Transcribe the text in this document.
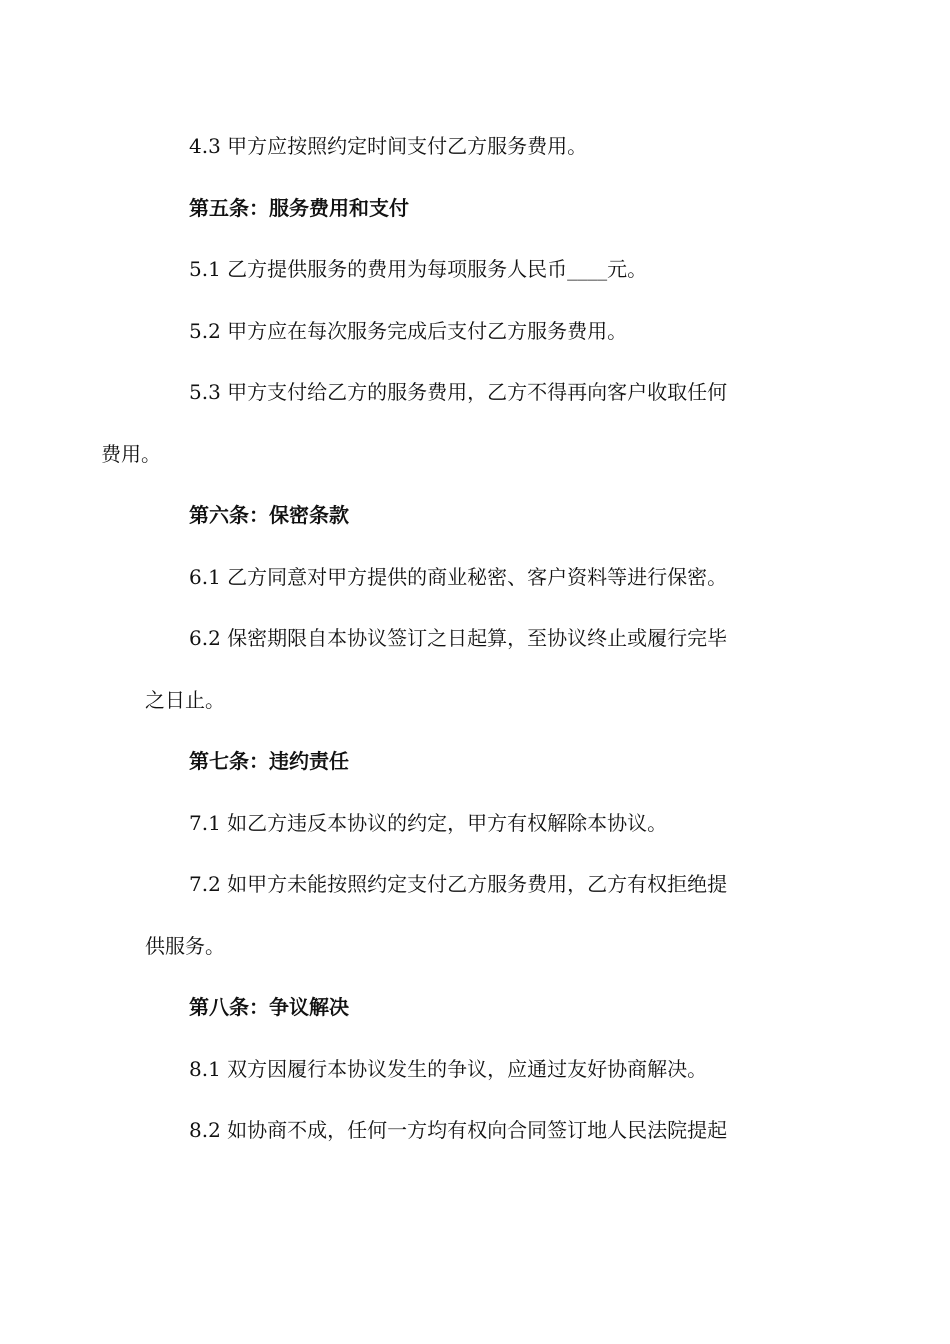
4.3 甲方应按照约定时间支付乙方服务费用。

第五条：服务费用和支付

5.1 乙方提供服务的费用为每项服务人民币____元。

5.2 甲方应在每次服务完成后支付乙方服务费用。

5.3 甲方支付给乙方的服务费用，乙方不得再向客户收取任何
费用。

第六条：保密条款

6.1 乙方同意对甲方提供的商业秘密、客户资料等进行保密。

6.2 保密期限自本协议签订之日起算，至协议终止或履行完毕
之日止。

第七条：违约责任

7.1 如乙方违反本协议的约定，甲方有权解除本协议。

7.2 如甲方未能按照约定支付乙方服务费用，乙方有权拒绝提
供服务。

第八条：争议解决

8.1 双方因履行本协议发生的争议，应通过友好协商解决。

8.2 如协商不成，任何一方均有权向合同签订地人民法院提起
